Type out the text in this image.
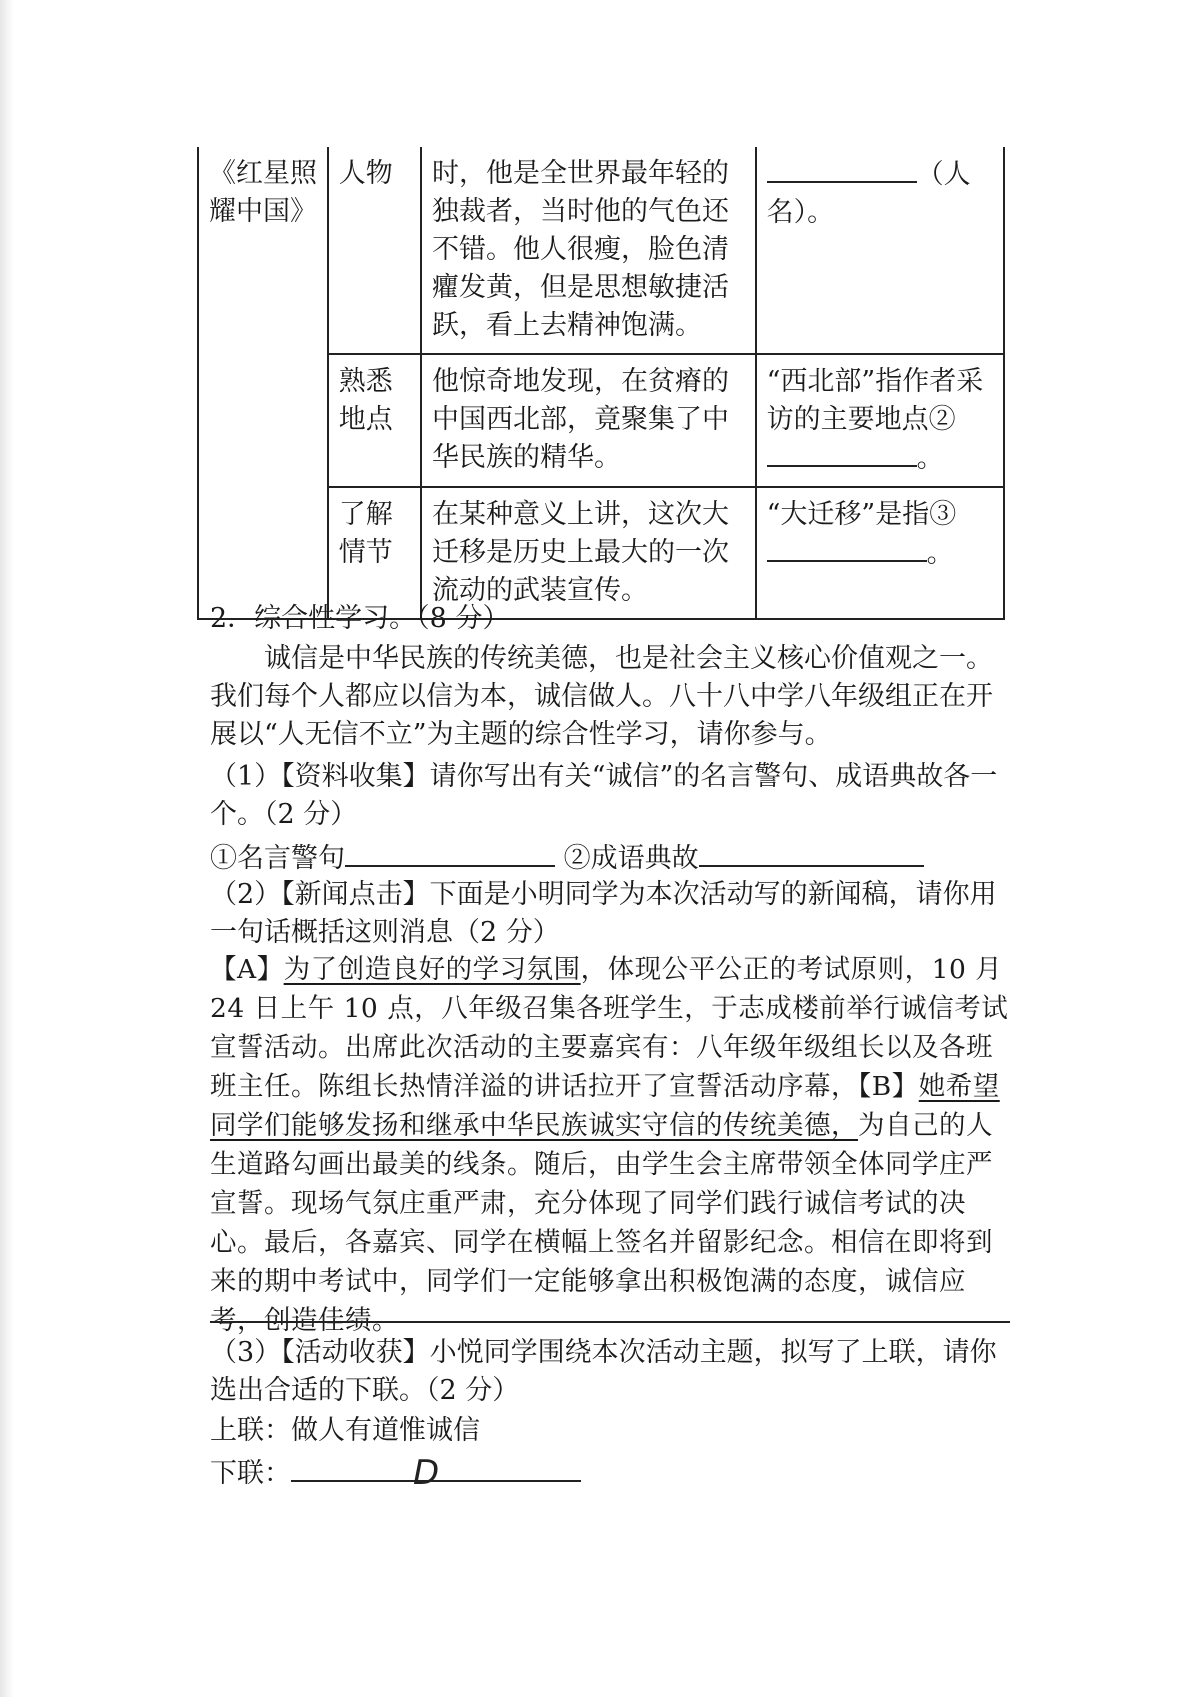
《红星照耀中国》	人物	时，他是全世界最年轻的独裁者，当时他的气色还不错。他人很瘦，脸色清癯发黄，但是思想敏捷活跃，看上去精神饱满。	（人名）。
	熟悉地点	他惊奇地发现，在贫瘠的中国西北部，竟聚集了中华民族的精华。	“西北部”指作者采访的主要地点②。
	了解情节	在某种意义上讲，这次大迁移是历史上最大的一次流动的武装宣传。	“大迁移”是指③。
2．综合性学习。（8 分）
诚信是中华民族的传统美德，也是社会主义核心价值观之一。我们每个人都应以信为本，诚信做人。八十八中学八年级组正在开展以“人无信不立”为主题的综合性学习，请你参与。
（1）【资料收集】请你写出有关“诚信”的名言警句、成语典故各一个。（2 分）
①名言警句	②成语典故
（2）【新闻点击】下面是小明同学为本次活动写的新闻稿，请你用一句话概括这则消息（2 分）
【A】为了创造良好的学习氛围，体现公平公正的考试原则，10 月 24 日上午 10 点，八年级召集各班学生，于志成楼前举行诚信考试宣誓活动。出席此次活动的主要嘉宾有：八年级年级组长以及各班班主任。陈组长热情洋溢的讲话拉开了宣誓活动序幕，【B】她希望同学们能够发扬和继承中华民族诚实守信的传统美德，为自己的人生道路勾画出最美的线条。随后，由学生会主席带领全体同学庄严宣誓。现场气氛庄重严肃，充分体现了同学们践行诚信考试的决心。最后，各嘉宾、同学在横幅上签名并留影纪念。相信在即将到来的期中考试中，同学们一定能够拿出积极饱满的态度，诚信应考，创造佳绩。
（3）【活动收获】小悦同学围绕本次活动主题，拟写了上联，请你选出合适的下联。（2 分）
上联：做人有道惟诚信
下联：	D
